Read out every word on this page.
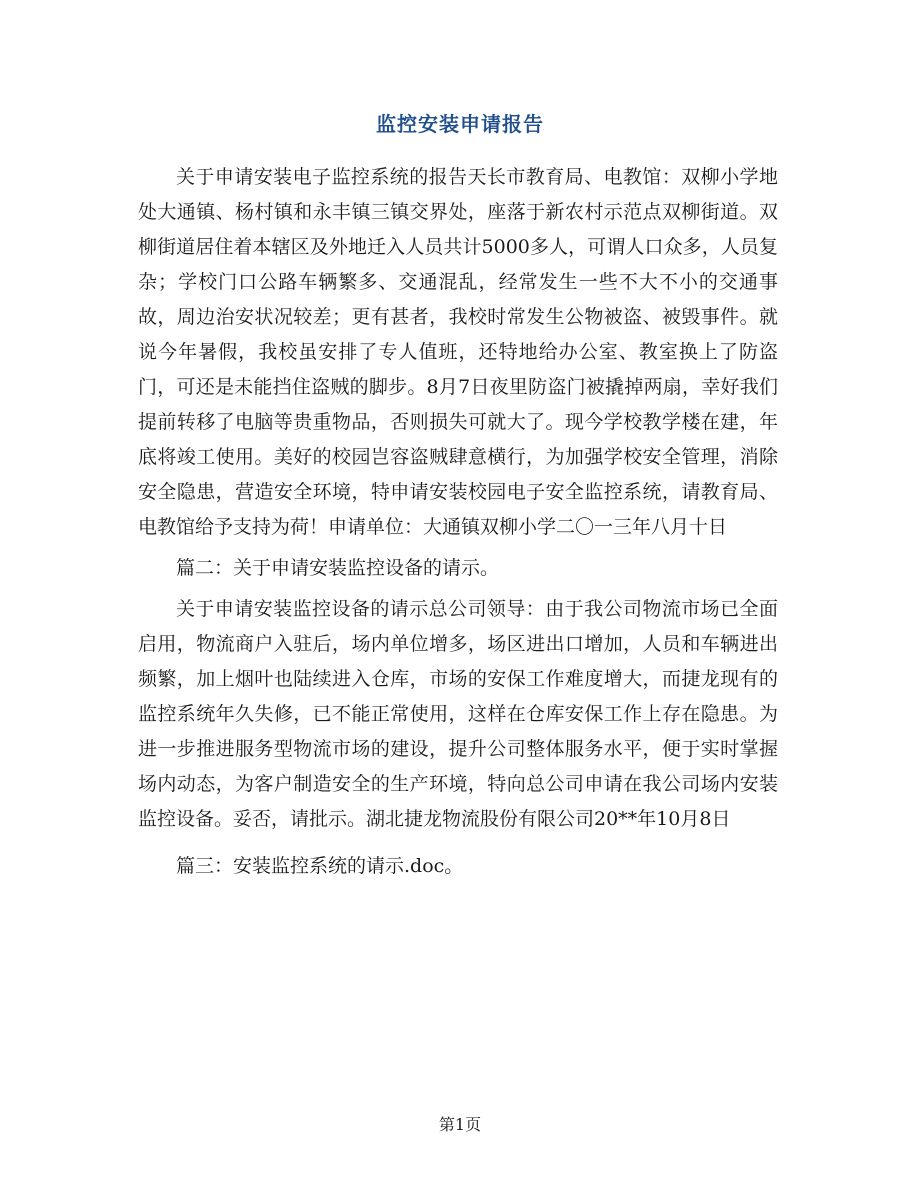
监控安装申请报告

关于申请安装电子监控系统的报告天长市教育局、电教馆：双柳小学地处大通镇、杨村镇和永丰镇三镇交界处，座落于新农村示范点双柳街道。双柳街道居住着本辖区及外地迁入人员共计5000多人，可谓人口众多，人员复杂；学校门口公路车辆繁多、交通混乱，经常发生一些不大不小的交通事故，周边治安状况较差；更有甚者，我校时常发生公物被盗、被毁事件。就说今年暑假，我校虽安排了专人值班，还特地给办公室、教室换上了防盗门，可还是未能挡住盗贼的脚步。8月7日夜里防盗门被撬掉两扇，幸好我们提前转移了电脑等贵重物品，否则损失可就大了。现今学校教学楼在建，年底将竣工使用。美好的校园岂容盗贼肆意横行，为加强学校安全管理，消除安全隐患，营造安全环境，特申请安装校园电子安全监控系统，请教育局、电教馆给予支持为荷！申请单位：大通镇双柳小学二〇一三年八月十日

篇二：关于申请安装监控设备的请示。

关于申请安装监控设备的请示总公司领导：由于我公司物流市场已全面启用，物流商户入驻后，场内单位增多，场区进出口增加，人员和车辆进出频繁，加上烟叶也陆续进入仓库，市场的安保工作难度增大，而捷龙现有的监控系统年久失修，已不能正常使用，这样在仓库安保工作上存在隐患。为进一步推进服务型物流市场的建设，提升公司整体服务水平，便于实时掌握场内动态，为客户制造安全的生产环境，特向总公司申请在我公司场内安装监控设备。妥否，请批示。湖北捷龙物流股份有限公司20**年10月8日

篇三：安装监控系统的请示.doc。

第1页
